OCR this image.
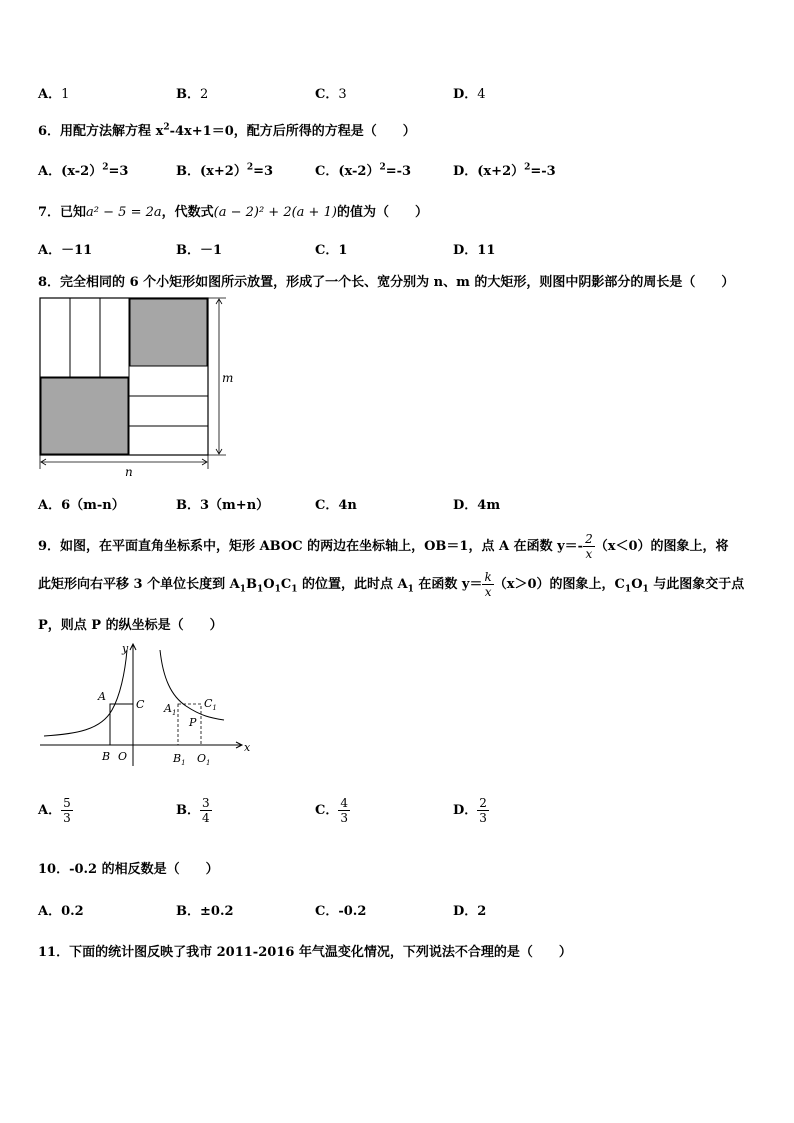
A．1	B．2	C．3	D．4
6．用配方法解方程 $x^2-4x+1=0$，配方后所得的方程是（　　）
A．(x-2）$^2$=3	B．(x+2）$^2$=3	C．(x-2）$^2$=-3	D．(x+2）$^2$=-3
7．已知a² − 5 = 2a，代数式(a − 2)² + 2(a + 1)的值为（　　）
A．－11	B．－1	C．1	D．11
8．完全相同的 6 个小矩形如图所示放置，形成了一个长、宽分别为 n、m 的大矩形，则图中阴影部分的周长是（　　）
m
n
A．6（m-n）	B．3（m+n）	C．4n	D．4m
9．如图，在平面直角坐标系中，矩形 ABOC 的两边在坐标轴上，OB＝1，点 A 在函数 $y=- \frac{2}{x} (x<0)$的图象上，将
此矩形向右平移 3 个单位长度到 $A_1B_1O_1C_1$ 的位置，此时点 $A_1$ 在函数 $y= \frac{k}{x} (x>0)$的图象上，$C_1O_1$ 与此图象交于点
P，则点 P 的纵坐标是（　　）
y
x
A
C
B O
$A_1$
$C_1$
P
$B_1$ $O_1$
A． $\frac{5}{3}$	B． $\frac{3}{4}$	C． $\frac{4}{3}$	D． $\frac{2}{3}$
10．-0.2 的相反数是（　　）
A．0.2	B．±0.2	C．-0.2	D．2
11．下面的统计图反映了我市 2011-2016 年气温变化情况，下列说法不合理的是（　　）
